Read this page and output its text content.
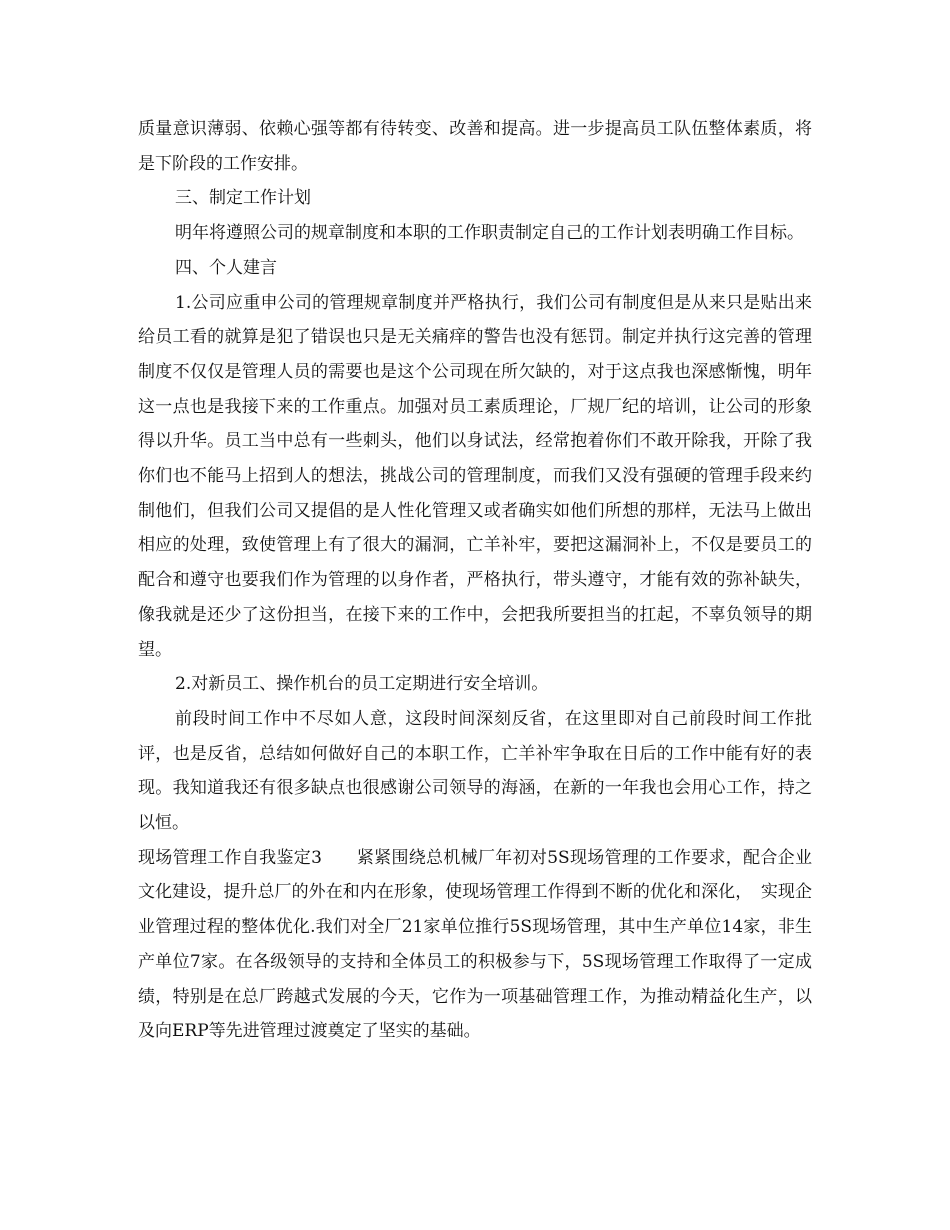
质量意识薄弱、依赖心强等都有待转变、改善和提高。进一步提高员工队伍整体素质，将是下阶段的工作安排。

三、制定工作计划

明年将遵照公司的规章制度和本职的工作职责制定自己的工作计划表明确工作目标。

四、个人建言

1.公司应重申公司的管理规章制度并严格执行，我们公司有制度但是从来只是贴出来给员工看的就算是犯了错误也只是无关痛痒的警告也没有惩罚。制定并执行这完善的管理制度不仅仅是管理人员的需要也是这个公司现在所欠缺的，对于这点我也深感惭愧，明年这一点也是我接下来的工作重点。加强对员工素质理论，厂规厂纪的培训，让公司的形象得以升华。员工当中总有一些刺头，他们以身试法，经常抱着你们不敢开除我，开除了我你们也不能马上招到人的想法，挑战公司的管理制度，而我们又没有强硬的管理手段来约制他们，但我们公司又提倡的是人性化管理又或者确实如他们所想的那样，无法马上做出相应的处理，致使管理上有了很大的漏洞，亡羊补牢，要把这漏洞补上，不仅是要员工的配合和遵守也要我们作为管理的以身作者，严格执行，带头遵守，才能有效的弥补缺失，像我就是还少了这份担当，在接下来的工作中，会把我所要担当的扛起，不辜负领导的期望。

2.对新员工、操作机台的员工定期进行安全培训。

前段时间工作中不尽如人意，这段时间深刻反省，在这里即对自己前段时间工作批评，也是反省，总结如何做好自己的本职工作，亡羊补牢争取在日后的工作中能有好的表现。我知道我还有很多缺点也很感谢公司领导的海涵，在新的一年我也会用心工作，持之以恒。

现场管理工作自我鉴定3　　紧紧围绕总机械厂年初对5S现场管理的工作要求，配合企业文化建设，提升总厂的外在和内在形象，使现场管理工作得到不断的优化和深化，　实现企业管理过程的整体优化.我们对全厂21家单位推行5S现场管理，其中生产单位14家，非生产单位7家。在各级领导的支持和全体员工的积极参与下，5S现场管理工作取得了一定成绩，特别是在总厂跨越式发展的今天，它作为一项基础管理工作，为推动精益化生产，以及向ERP等先进管理过渡奠定了坚实的基础。
